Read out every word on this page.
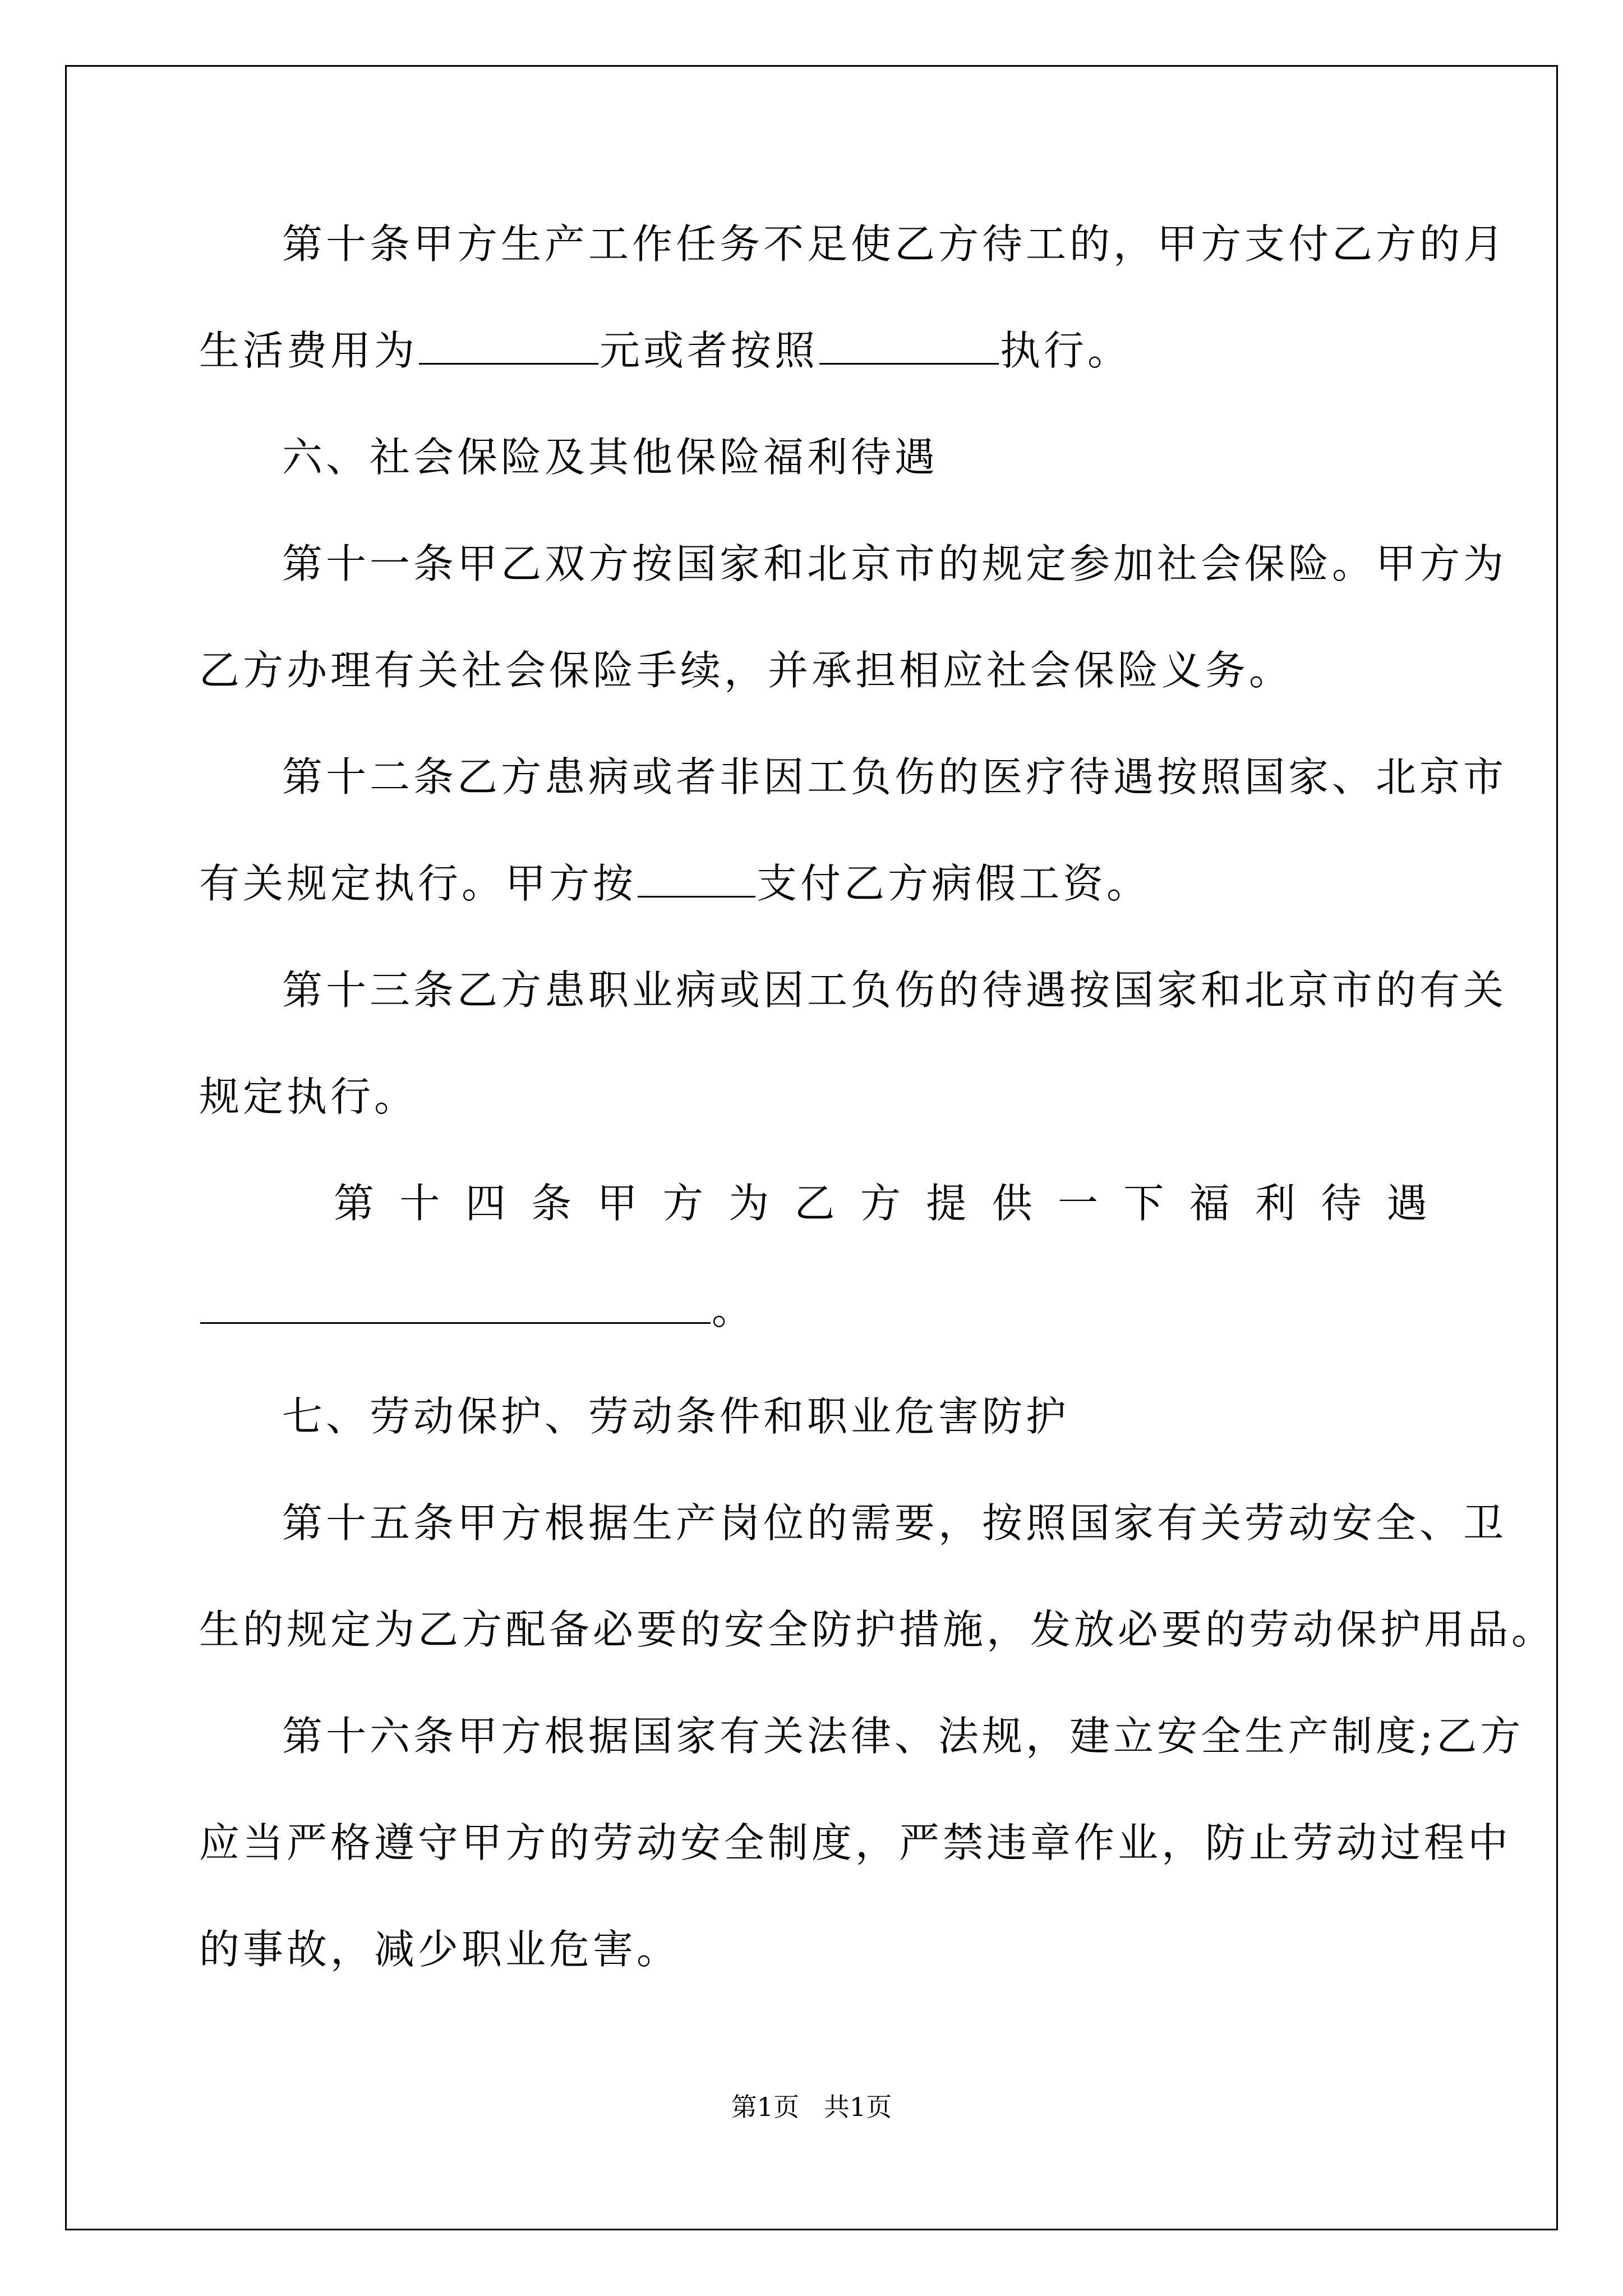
第十条甲方生产工作任务不足使乙方待工的，甲方支付乙方的月
生活费用为	元或者按照	执行。
六、社会保险及其他保险福利待遇
第十一条甲乙双方按国家和北京市的规定参加社会保险。甲方为
乙方办理有关社会保险手续，并承担相应社会保险义务。
第十二条乙方患病或者非因工负伤的医疗待遇按照国家、北京市
有关规定执行。甲方按	支付乙方病假工资。
第十三条乙方患职业病或因工负伤的待遇按国家和北京市的有关
规定执行。
第 十 四 条 甲 方 为 乙 方 提 供 一 下 福 利 待 遇
。
七、劳动保护、劳动条件和职业危害防护
第十五条甲方根据生产岗位的需要，按照国家有关劳动安全、卫
生的规定为乙方配备必要的安全防护措施，发放必要的劳动保护用品。
第十六条甲方根据国家有关法律、法规，建立安全生产制度;乙方
应当严格遵守甲方的劳动安全制度，严禁违章作业，防止劳动过程中
的事故，减少职业危害。
第1页   共1页
